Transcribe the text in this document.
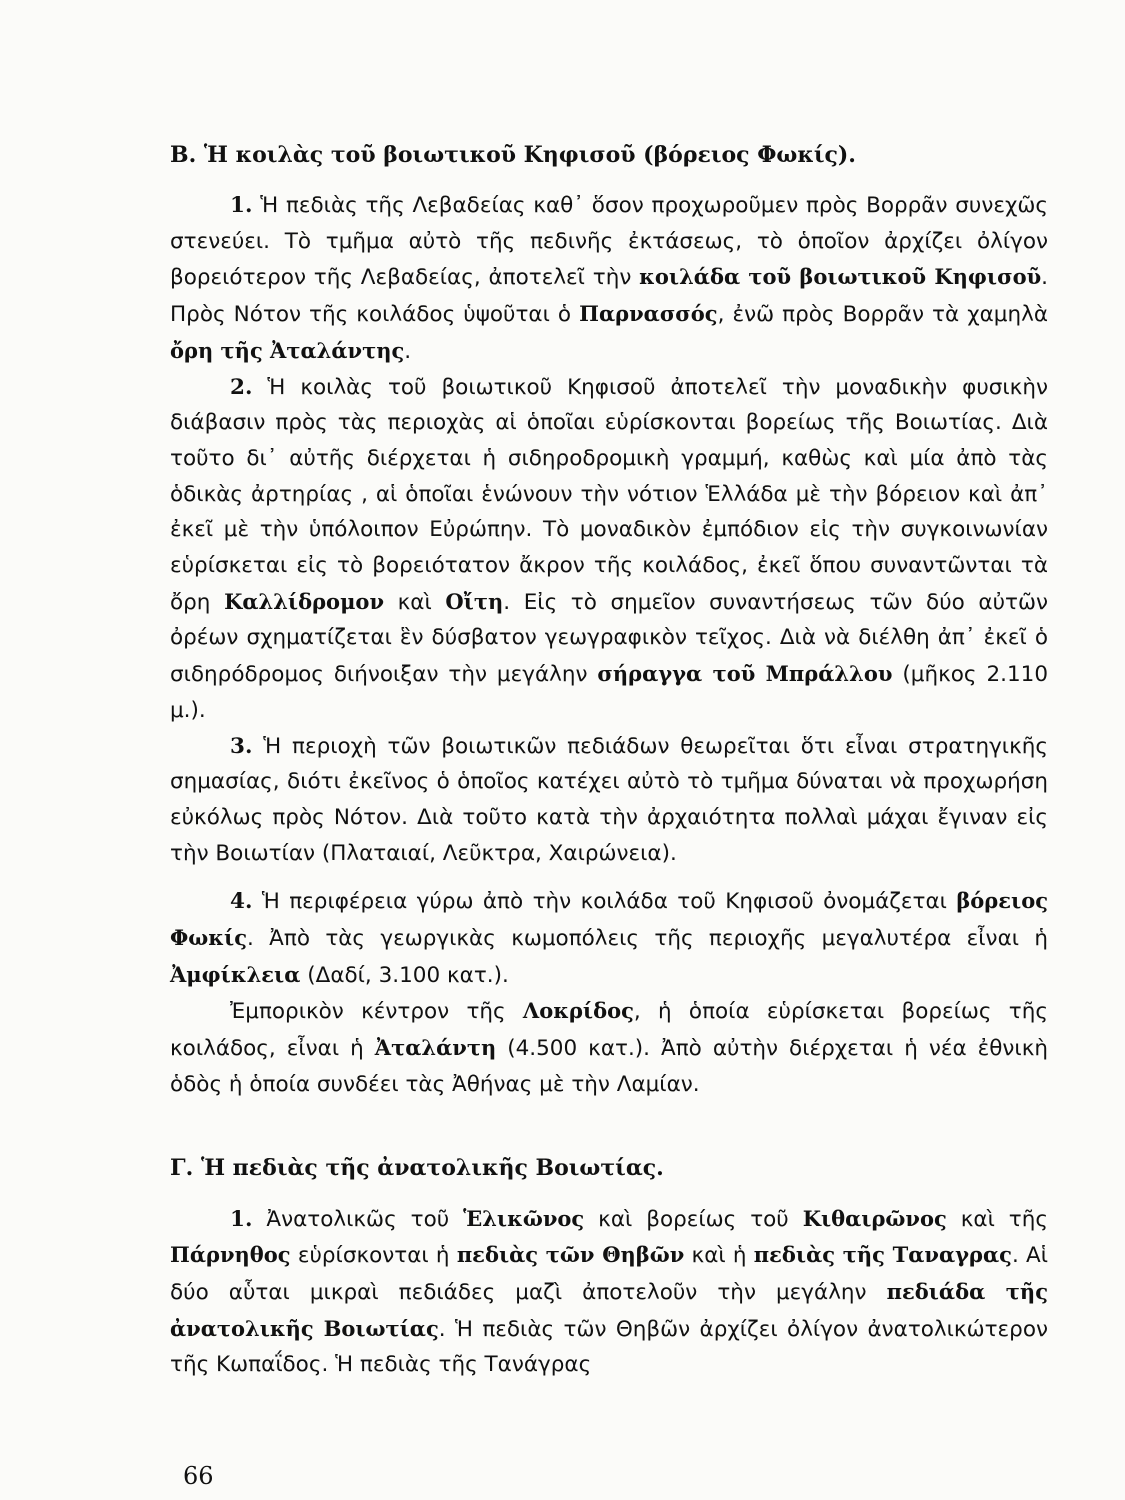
Β. Ἡ κοιλὰς τοῦ βοιωτικοῦ Κηφισοῦ (βόρειος Φωκίς).

1. Ἡ πεδιὰς τῆς Λεβαδείας καθ᾽ ὅσον προχωροῦμεν πρὸς Βορρᾶν συνεχῶς στενεύει. Τὸ τμῆμα αὐτὸ τῆς πεδινῆς ἐκτάσεως, τὸ ὁποῖον ἀρχίζει ὀλίγον βορειότερον τῆς Λεβαδείας, ἀποτελεῖ τὴν κοιλάδα τοῦ βοιωτικοῦ Κηφισοῦ. Πρὸς Νότον τῆς κοιλάδος ὑψοῦται ὁ Παρνασσός, ἐνῶ πρὸς Βορρᾶν τὰ χαμηλὰ ὄρη τῆς Ἀταλάντης.

2. Ἡ κοιλὰς τοῦ βοιωτικοῦ Κηφισοῦ ἀποτελεῖ τὴν μοναδικὴν φυσικὴν διάβασιν πρὸς τὰς περιοχὰς αἱ ὁποῖαι εὑρίσκονται βορείως τῆς Βοιωτίας. Διὰ τοῦτο δι᾽ αὐτῆς διέρχεται ἡ σιδηροδρομικὴ γραμμή, καθὼς καὶ μία ἀπὸ τὰς ὁδικὰς ἀρτηρίας , αἱ ὁποῖαι ἑνώνουν τὴν νότιον Ἑλλάδα μὲ τὴν βόρειον καὶ ἀπ᾽ ἐκεῖ μὲ τὴν ὑπόλοιπον Εὐρώπην. Τὸ μοναδικὸν ἐμπόδιον εἰς τὴν συγκοινωνίαν εὑρίσκεται εἰς τὸ βορειότατον ἄκρον τῆς κοιλάδος, ἐκεῖ ὅπου συναντῶνται τὰ ὄρη Καλλίδρομον καὶ Οἴτη. Εἰς τὸ σημεῖον συναντήσεως τῶν δύο αὐτῶν ὀρέων σχηματίζεται ἓν δύσβατον γεωγραφικὸν τεῖχος. Διὰ νὰ διέλθη ἀπ᾽ ἐκεῖ ὁ σιδηρόδρομος διήνοιξαν τὴν μεγάλην σήραγγα τοῦ Μπράλλου (μῆκος 2.110 μ.).

3. Ἡ περιοχὴ τῶν βοιωτικῶν πεδιάδων θεωρεῖται ὅτι εἶναι στρατηγικῆς σημασίας, διότι ἐκεῖνος ὁ ὁποῖος κατέχει αὐτὸ τὸ τμῆμα δύναται νὰ προχωρήση εὐκόλως πρὸς Νότον. Διὰ τοῦτο κατὰ τὴν ἀρχαιότητα πολλαὶ μάχαι ἔγιναν εἰς τὴν Βοιωτίαν (Πλαταιαί, Λεῦκτρα, Χαιρώνεια).

4. Ἡ περιφέρεια γύρω ἀπὸ τὴν κοιλάδα τοῦ Κηφισοῦ ὀνομάζεται βόρειος Φωκίς. Ἀπὸ τὰς γεωργικὰς κωμοπόλεις τῆς περιοχῆς μεγαλυτέρα εἶναι ἡ Ἀμφίκλεια (Δαδί, 3.100 κατ.).

Ἐμπορικὸν κέντρον τῆς Λοκρίδος, ἡ ὁποία εὑρίσκεται βορείως τῆς κοιλάδος, εἶναι ἡ Ἀταλάντη (4.500 κατ.). Ἀπὸ αὐτὴν διέρχεται ἡ νέα ἐθνικὴ ὁδὸς ἡ ὁποία συνδέει τὰς Ἀθήνας μὲ τὴν Λαμίαν.

Γ. Ἡ πεδιὰς τῆς ἀνατολικῆς Βοιωτίας.

1. Ἀνατολικῶς τοῦ Ἑλικῶνος καὶ βορείως τοῦ Κιθαιρῶνος καὶ τῆς Πάρνηθος εὑρίσκονται ἡ πεδιὰς τῶν Θηβῶν καὶ ἡ πεδιὰς τῆς Ταναγρας. Αἱ δύο αὗται μικραὶ πεδιάδες μαζὶ ἀποτελοῦν τὴν μεγάλην πεδιάδα τῆς ἀνατολικῆς Βοιωτίας. Ἡ πεδιὰς τῶν Θηβῶν ἀρχίζει ὀλίγον ἀνατολικώτερον τῆς Κωπαΐδος. Ἡ πεδιὰς τῆς Τανάγρας

66
